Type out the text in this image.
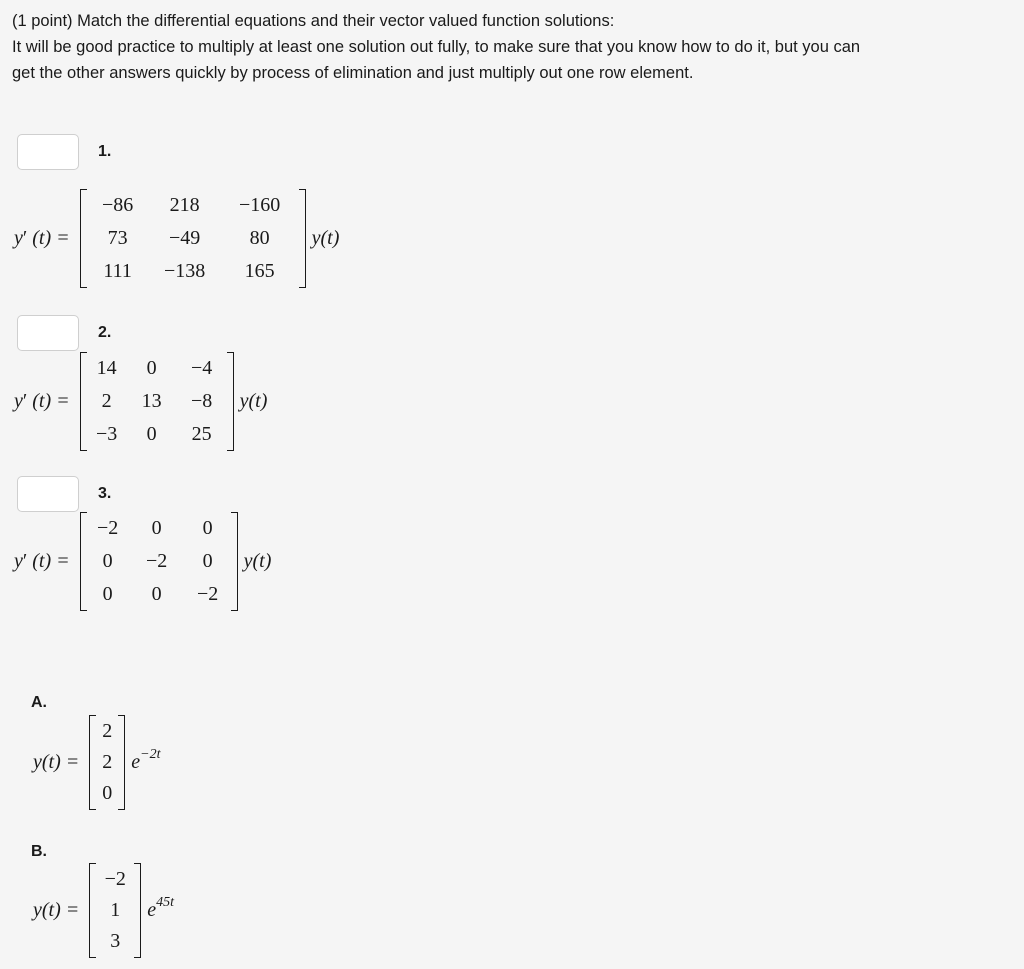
(1 point) Match the differential equations and their vector valued function solutions:
It will be good practice to multiply at least one solution out fully, to make sure that you know how to do it, but you can
get the other answers quickly by process of elimination and just multiply out one row element.
1.
y′ (t) =
−86	218	−160
73	−49	80
111	−138	165
y(t)
2.
y′ (t) =
14	0	−4
2	13	−8
−3	0	25
y(t)
3.
y′ (t) =
−2	0	0
0	−2	0
0	0	−2
y(t)
A.
y(t) =
2
2
0
$e^{-2t}$
B.
y(t) =
−2
1
3
$e^{45t}$
